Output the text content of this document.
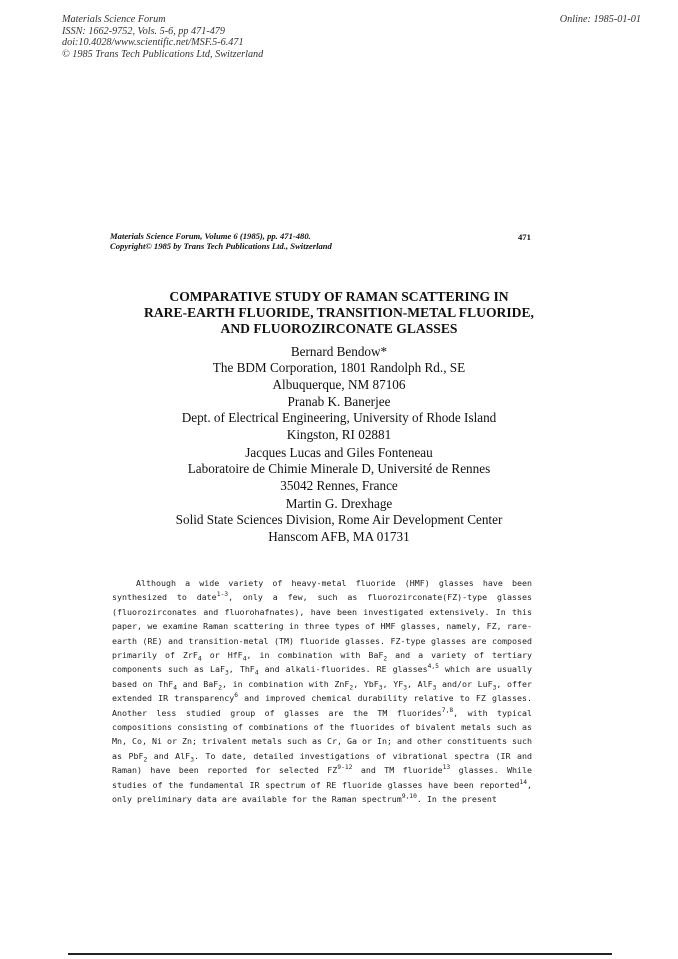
Materials Science Forum
ISSN: 1662-9752, Vols. 5-6, pp 471-479
doi:10.4028/www.scientific.net/MSF.5-6.471
© 1985 Trans Tech Publications Ltd, Switzerland
Online: 1985-01-01
Materials Science Forum, Volume 6 (1985), pp. 471-480.
Copyright© 1985 by Trans Tech Publications Ltd., Switzerland
471
COMPARATIVE STUDY OF RAMAN SCATTERING IN
RARE-EARTH FLUORIDE, TRANSITION-METAL FLUORIDE,
AND FLUOROZIRCONATE GLASSES
Bernard Bendow*
The BDM Corporation, 1801 Randolph Rd., SE
Albuquerque, NM 87106
Pranab K. Banerjee
Dept. of Electrical Engineering, University of Rhode Island
Kingston, RI 02881
Jacques Lucas and Giles Fonteneau
Laboratoire de Chimie Minerale D, Université de Rennes
35042 Rennes, France
Martin G. Drexhage
Solid State Sciences Division, Rome Air Development Center
Hanscom AFB, MA 01731

Although a wide variety of heavy-metal fluoride (HMF) glasses have been synthesized to date$^{1-3}$, only a few, such as fluorozirconate(FZ)-type glasses (fluorozirconates and fluorohafnates), have been investigated extensively. In this paper, we examine Raman scattering in three types of HMF glasses, namely, FZ, rare-earth (RE) and transition-metal (TM) fluoride glasses. FZ-type glasses are composed primarily of ZrF$_4$ or HfF$_4$, in combination with BaF$_2$ and a variety of tertiary components such as LaF$_3$, ThF$_4$ and alkali-fluorides. RE glasses$^{4,5}$ which are usually based on ThF$_4$ and BaF$_2$, in combination with ZnF$_2$, YbF$_3$, $YF_3$, AlF$_3$ and/or LuF$_3$, offer extended IR transparency$^6$ and improved chemical durability relative to FZ glasses. Another less studied group of glasses are the TM fluorides$^{7,8}$, with typical compositions consisting of combinations of the fluorides of bivalent metals such as Mn, Co, Ni or Zn; trivalent metals such as Cr, Ga or In; and other constituents such as PbF$_2$ and AlF$_3$. To date, detailed investigations of vibrational spectra (IR and Raman) have been reported for selected FZ$^{9-12}$ and TM fluoride$^{13}$ glasses. While studies of the fundamental IR spectrum of RE fluoride glasses have been reported$^{14}$, only preliminary data are available for the Raman spectrum$^{9,10}$. In the present
